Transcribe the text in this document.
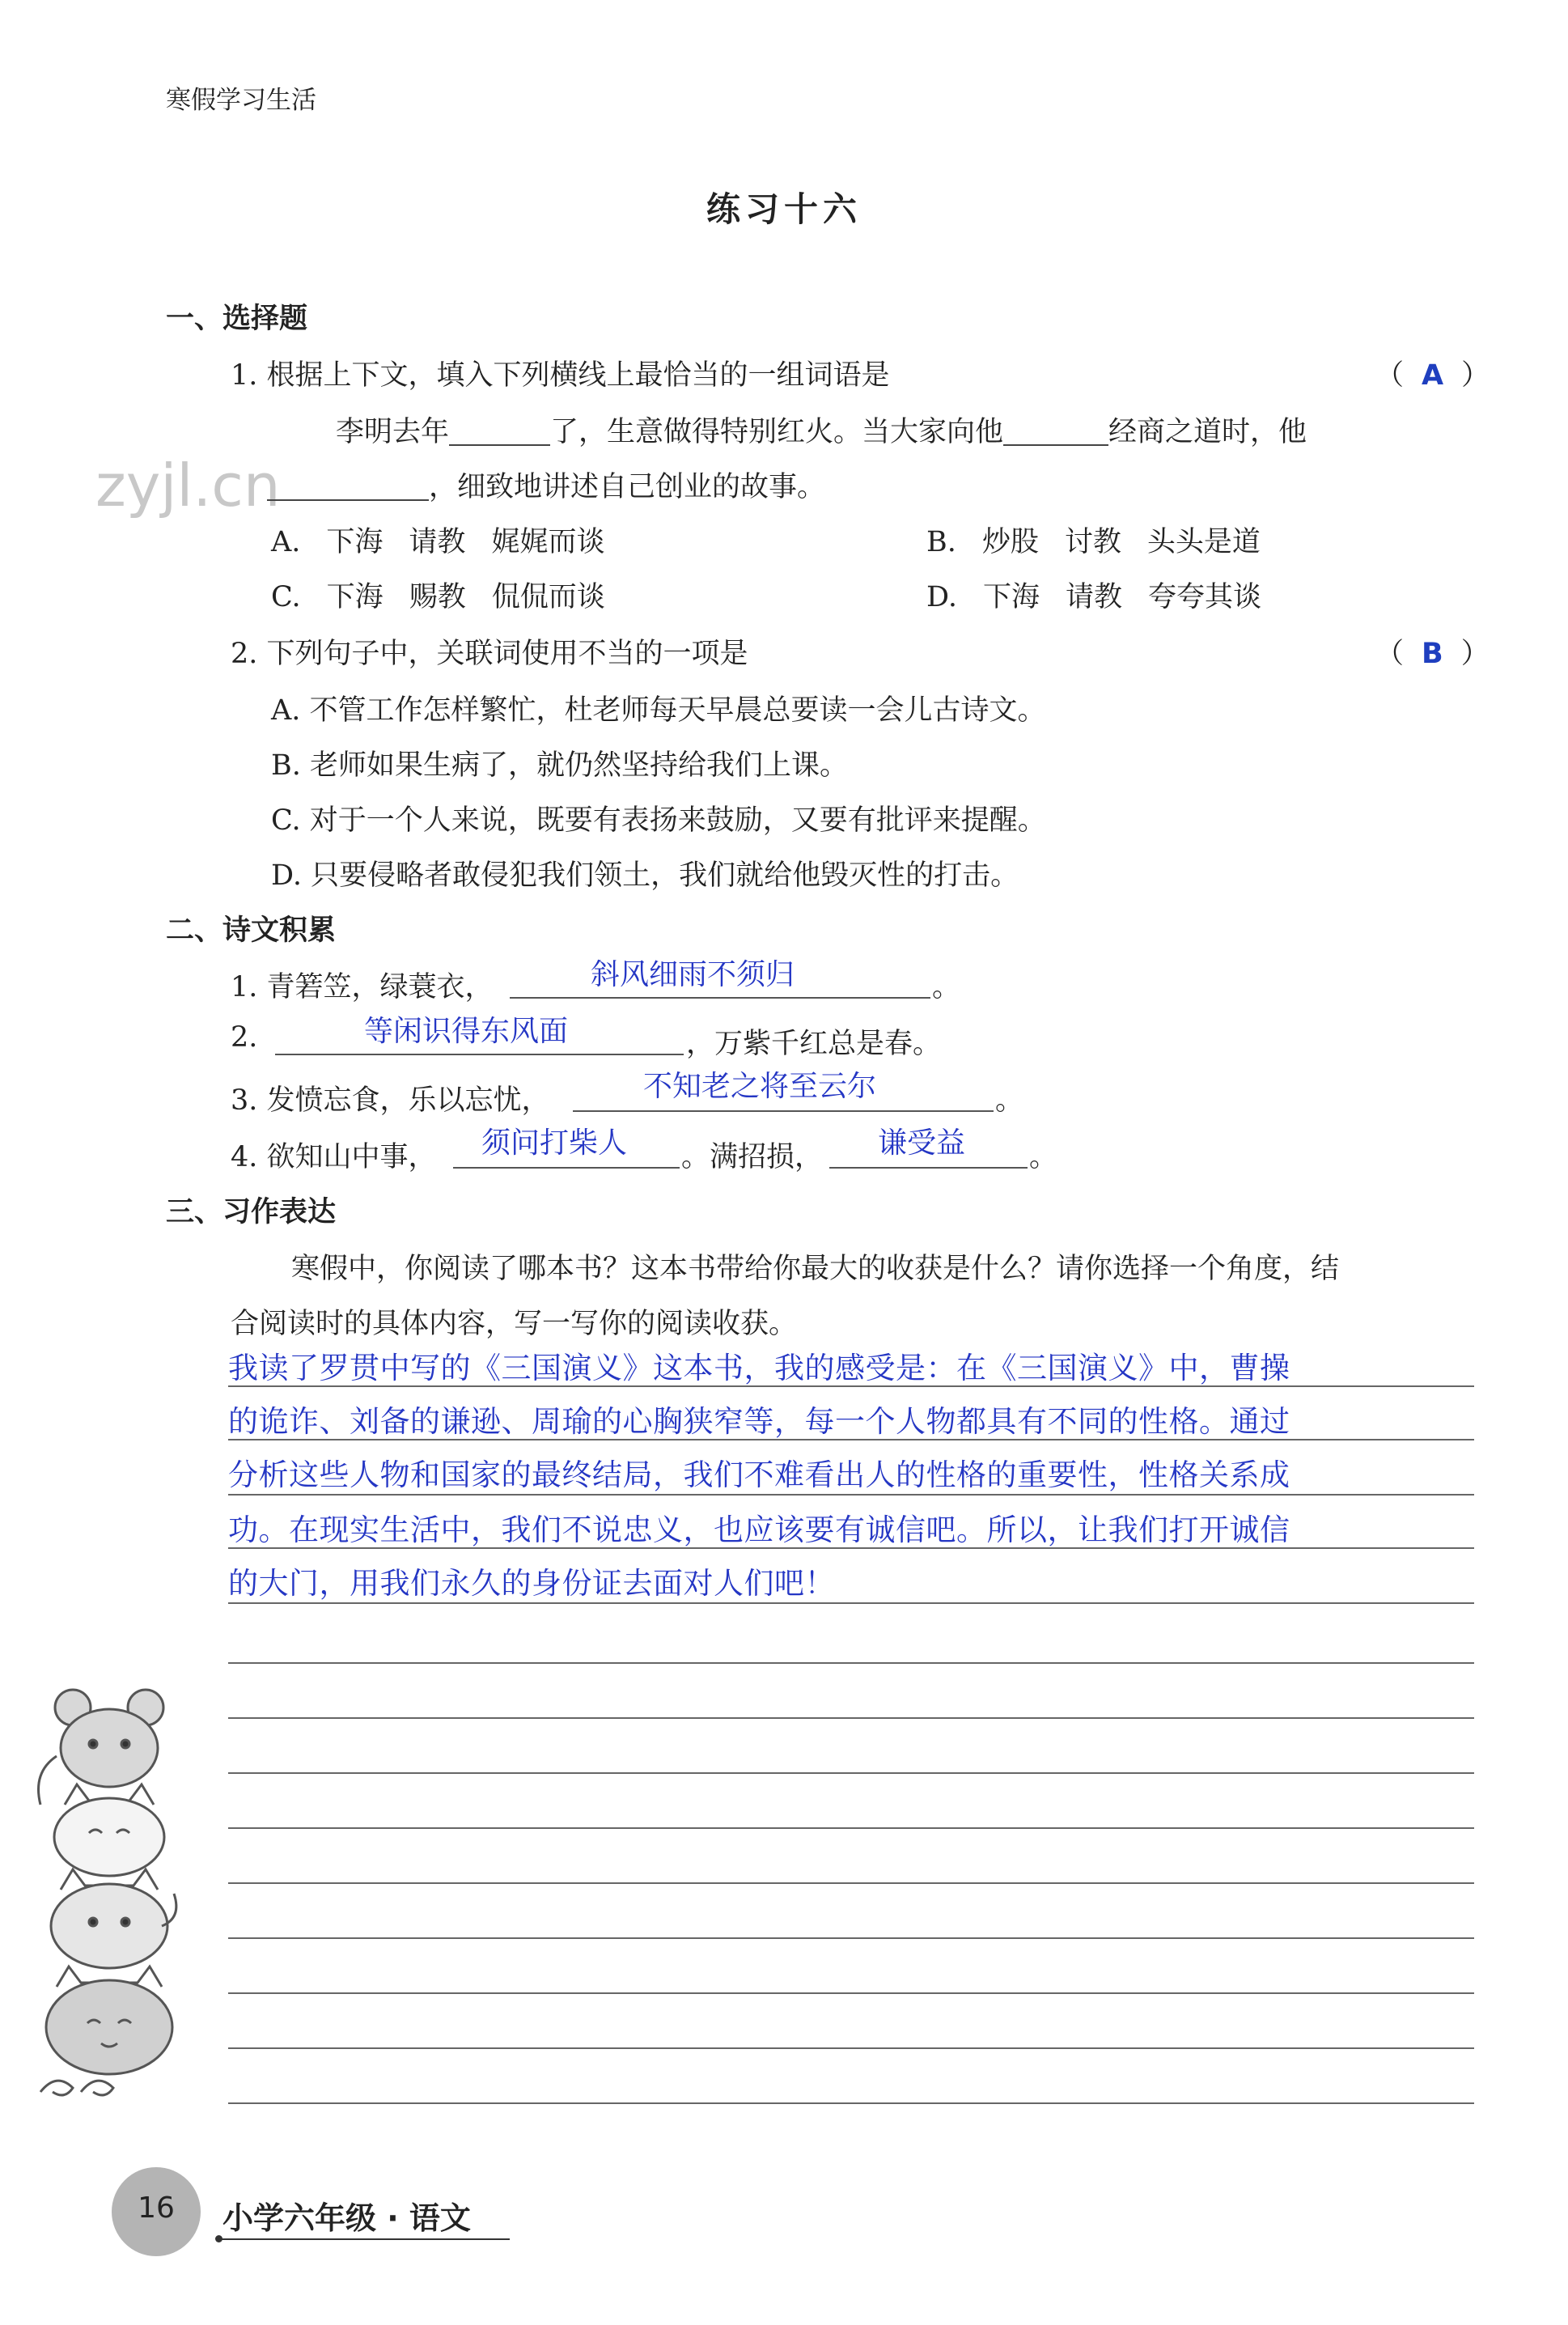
寒假学习生活
练习十六
zyjl.cn
一、选择题
1. 根据上下文，填入下列横线上最恰当的一组词语是	（ A ）
李明去年	了，生意做得特别红火。当大家向他	经商之道时，他
，细致地讲述自己创业的故事。
A. 下海 请教 娓娓而谈	B. 炒股 讨教 头头是道
C. 下海 赐教 侃侃而谈	D. 下海 请教 夸夸其谈
2. 下列句子中，关联词使用不当的一项是	（ B ）
A. 不管工作怎样繁忙，杜老师每天早晨总要读一会儿古诗文。
B. 老师如果生病了，就仍然坚持给我们上课。
C. 对于一个人来说，既要有表扬来鼓励，又要有批评来提醒。
D. 只要侵略者敢侵犯我们领土，我们就给他毁灭性的打击。
二、诗文积累
1. 青箬笠，绿蓑衣，	斜风细雨不须归	。
2.	等闲识得东风面	，万紫千红总是春。
3. 发愤忘食，乐以忘忧，	不知老之将至云尔	。
4. 欲知山中事， 须问打柴人 。满招损， 谦受益 。
三、习作表达
寒假中，你阅读了哪本书？这本书带给你最大的收获是什么？请你选择一个角度，结
合阅读时的具体内容，写一写你的阅读收获。
我读了罗贯中写的《三国演义》这本书，我的感受是：在《三国演义》中，曹操
的诡诈、刘备的谦逊、周瑜的心胸狭窄等，每一个人物都具有不同的性格。通过
分析这些人物和国家的最终结局，我们不难看出人的性格的重要性，性格关系成
功。在现实生活中，我们不说忠义，也应该要有诚信吧。所以，让我们打开诚信
的大门，用我们永久的身份证去面对人们吧！
16	小学六年级 · 语文
